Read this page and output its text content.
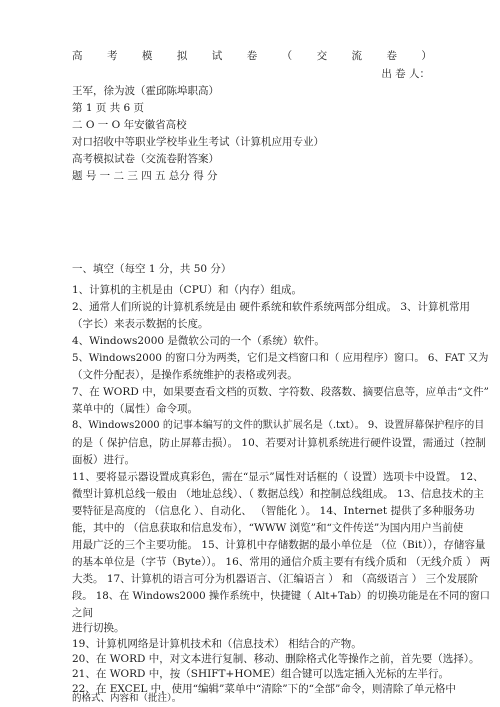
高 考 模 拟 试 卷 （ 交 流 卷 ）
出 卷 人：
王军，徐为波（霍邱陈埠职高）
第 1 页 共 6 页
二 O 一 O 年安徽省高校
对口招收中等职业学校毕业生考试（计算机应用专业）
高考模拟试卷（交流卷附答案）
题 号 一 二 三 四 五 总分 得 分
一、填空（每空 1 分，共 50 分）
1、计算机的主机是由（CPU）和（内存）组成。
2、通常人们所说的计算机系统是由 硬件系统和软件系统两部分组成。 3、计算机常用
（字长）来表示数据的长度。
4、Windows2000 是微软公司的一个（系统）软件。
5、Windows2000 的窗口分为两类，它们是文档窗口和（ 应用程序）窗口。 6、FAT 又为
（文件分配表），是操作系统维护的表格或列表。
7、在 WORD 中，如果要查看文档的页数、字符数、段落数、摘要信息等，应单击“文件”
菜单中的（属性）命令项。
8、Windows2000 的记事本编写的文件的默认扩展名是（.txt）。 9、设置屏幕保护程序的目
的是（ 保护信息，防止屏幕击损）。 10、若要对计算机系统进行硬件设置，需通过（控制
面板）进行。
11、要将显示器设置成真彩色，需在“显示”属性对话框的（ 设置）选项卡中设置。 12、
微型计算机总线一般由 （地址总线）、（ 数据总线）和控制总线组成。 13、信息技术的主
要特征是高度的 （信息化 ）、自动化、 （智能化 ）。 14、Internet 提供了多种服务功
能，其中的 （信息获取和信息发布），“WWW 浏览”和“文件传送”为国内用户当前使
用最广泛的三个主要功能。 15、计算机中存储数据的最小单位是 （位（Bit）），存储容量
的基本单位是（字节（Byte））。 16、常用的通信介质主要有有线介质和 （无线介质 ） 两
大类。 17、计算机的语言可分为机器语言、（汇编语言 ） 和 （高级语言 ） 三个发展阶
段。 18、在 Windows2000 操作系统中，快捷键（ Alt+Tab）的切换功能是在不同的窗口
之间
进行切换。
19、计算机网络是计算机技术和（信息技术） 相结合的产物。
20、在 WORD 中，对文本进行复制、移动、删除格式化等操作之前，首先要（选择）。
21、在 WORD 中，按（SHIFT+HOME）组合键可以选定插入光标的左半行。
22、在 EXCEL 中，使用“编辑”菜单中“清除”下的“全部”命令，则清除了单元格中
的格式、内容和（批注）。
